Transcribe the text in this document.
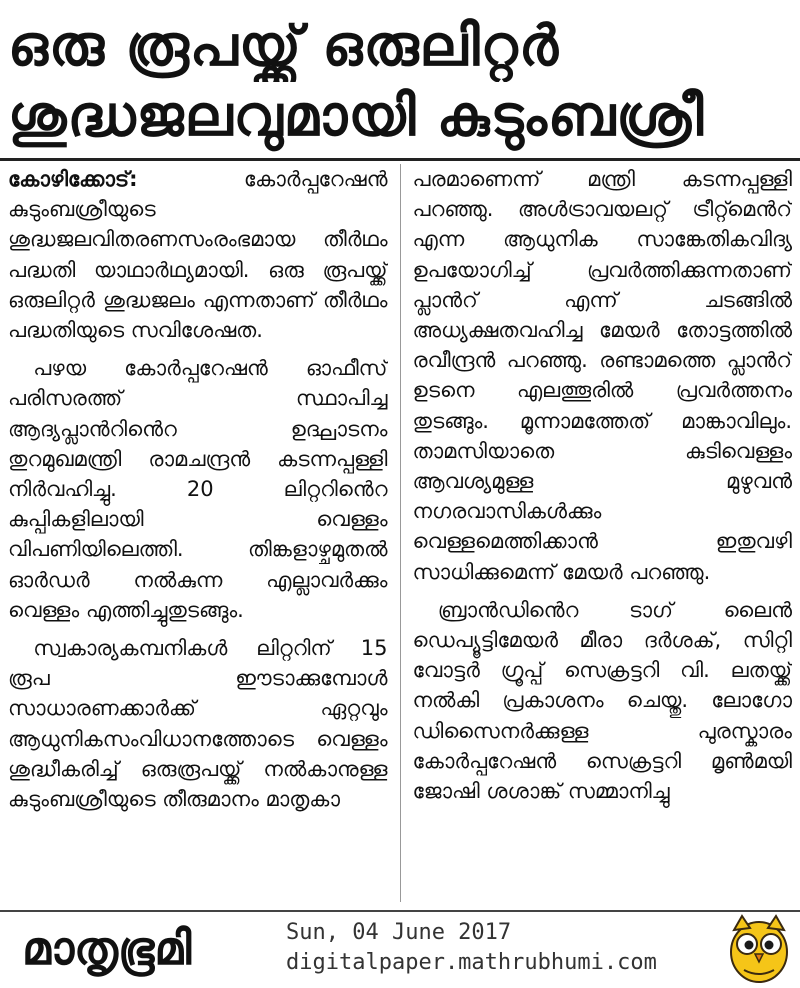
ഒരു രൂപയ്ക്ക് ഒരുലിറ്റർ
ശുദ്ധജലവുമായി കുടുംബശ്രീ

കോഴിക്കോട്:	കോർപ്പറേഷൻ കുടുംബശ്രീയുടെ ശുദ്ധജലവിതരണസംരംഭമായ തീർഥം പദ്ധതി യാഥാർഥ്യമായി. ഒരു രൂപയ്ക്ക് ഒരുലിറ്റർ ശുദ്ധജലം എന്നതാണ് തീർഥം പദ്ധതിയുടെ സവിശേഷത.

പഴയ കോർപ്പറേഷൻ ഓഫീസ് പരിസരത്ത് സ്ഥാപിച്ച ആദ്യപ്ലാൻറിൻെറ ഉദ്ഘാടനം തുറമുഖമന്ത്രി രാമചന്ദ്രൻ കടന്നപ്പള്ളി നിർവഹിച്ചു. 20 ലിറ്ററിൻെറ കുപ്പികളിലായി വെള്ളം വിപണിയിലെത്തി. തിങ്കളാഴ്ചമുതൽ ഓർഡർ നൽകുന്ന എല്ലാവർക്കും വെള്ളം എത്തിച്ചുതുടങ്ങും.

സ്വകാര്യകമ്പനികൾ ലിറ്ററിന് 15 രൂപ ഈടാക്കുമ്പോൾ സാധാരണക്കാർക്ക് ഏറ്റവും ആധുനികസംവിധാനത്തോടെ വെള്ളം ശുദ്ധീകരിച്ച് ഒരുരൂപയ്ക്ക് നൽകാനുള്ള കുടുംബശ്രീയുടെ തീരുമാനം മാതൃകാ

പരമാണെന്ന് മന്ത്രി കടന്നപ്പള്ളി പറഞ്ഞു. അൾട്രാവയലറ്റ് ട്രീറ്റ്മെൻറ് എന്ന ആധുനിക സാങ്കേതികവിദ്യ ഉപയോഗിച്ച് പ്രവർത്തിക്കുന്നതാണ് പ്ലാൻറ് എന്ന് ചടങ്ങിൽ അധ്യക്ഷതവഹിച്ച മേയർ തോട്ടത്തിൽ രവീന്ദ്രൻ പറഞ്ഞു. രണ്ടാമത്തെ പ്ലാൻറ് ഉടനെ എലത്തൂരിൽ പ്രവർത്തനം തുടങ്ങും. മൂന്നാമത്തേത് മാങ്കാവിലും. താമസിയാതെ കുടിവെള്ളം ആവശ്യമുള്ള മുഴുവൻ നഗരവാസികൾക്കും വെള്ളമെത്തിക്കാൻ ഇതുവഴി സാധിക്കുമെന്ന് മേയർ പറഞ്ഞു.

ബ്രാൻഡിൻെറ ടാഗ് ലൈൻ ഡെപ്യൂട്ടിമേയർ മീരാ ദർശക്, സിറ്റി വോട്ടർ ഗ്രൂപ്പ് സെക്രട്ടറി വി. ലതയ്ക്ക് നൽകി പ്രകാശനം ചെയ്തു. ലോഗോ ഡിസൈനർക്കുള്ള പുരസ്കാരം കോർപ്പറേഷൻ സെക്രട്ടറി മൃൺമയി ജോഷി ശശാങ്ക് സമ്മാനിച്ചു

മാതൃഭൂമി	Sun, 04 June 2017
digitalpaper.mathrubhumi.com
